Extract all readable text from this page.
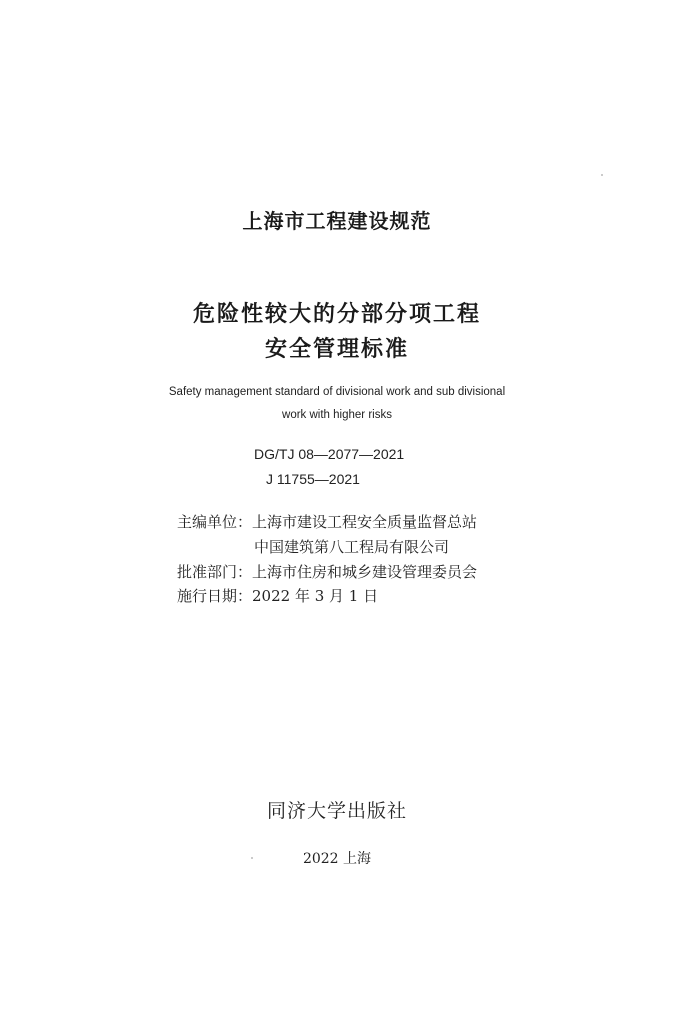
上海市工程建设规范
危险性较大的分部分项工程
安全管理标准
Safety management standard of divisional work and sub divisional
work with higher risks
DG/TJ 08—2077—2021
J 11755—2021
主编单位：上海市建设工程安全质量监督总站
中国建筑第八工程局有限公司
批准部门：上海市住房和城乡建设管理委员会
施行日期：2022 年 3 月 1 日
同济大学出版社
2022 上海
